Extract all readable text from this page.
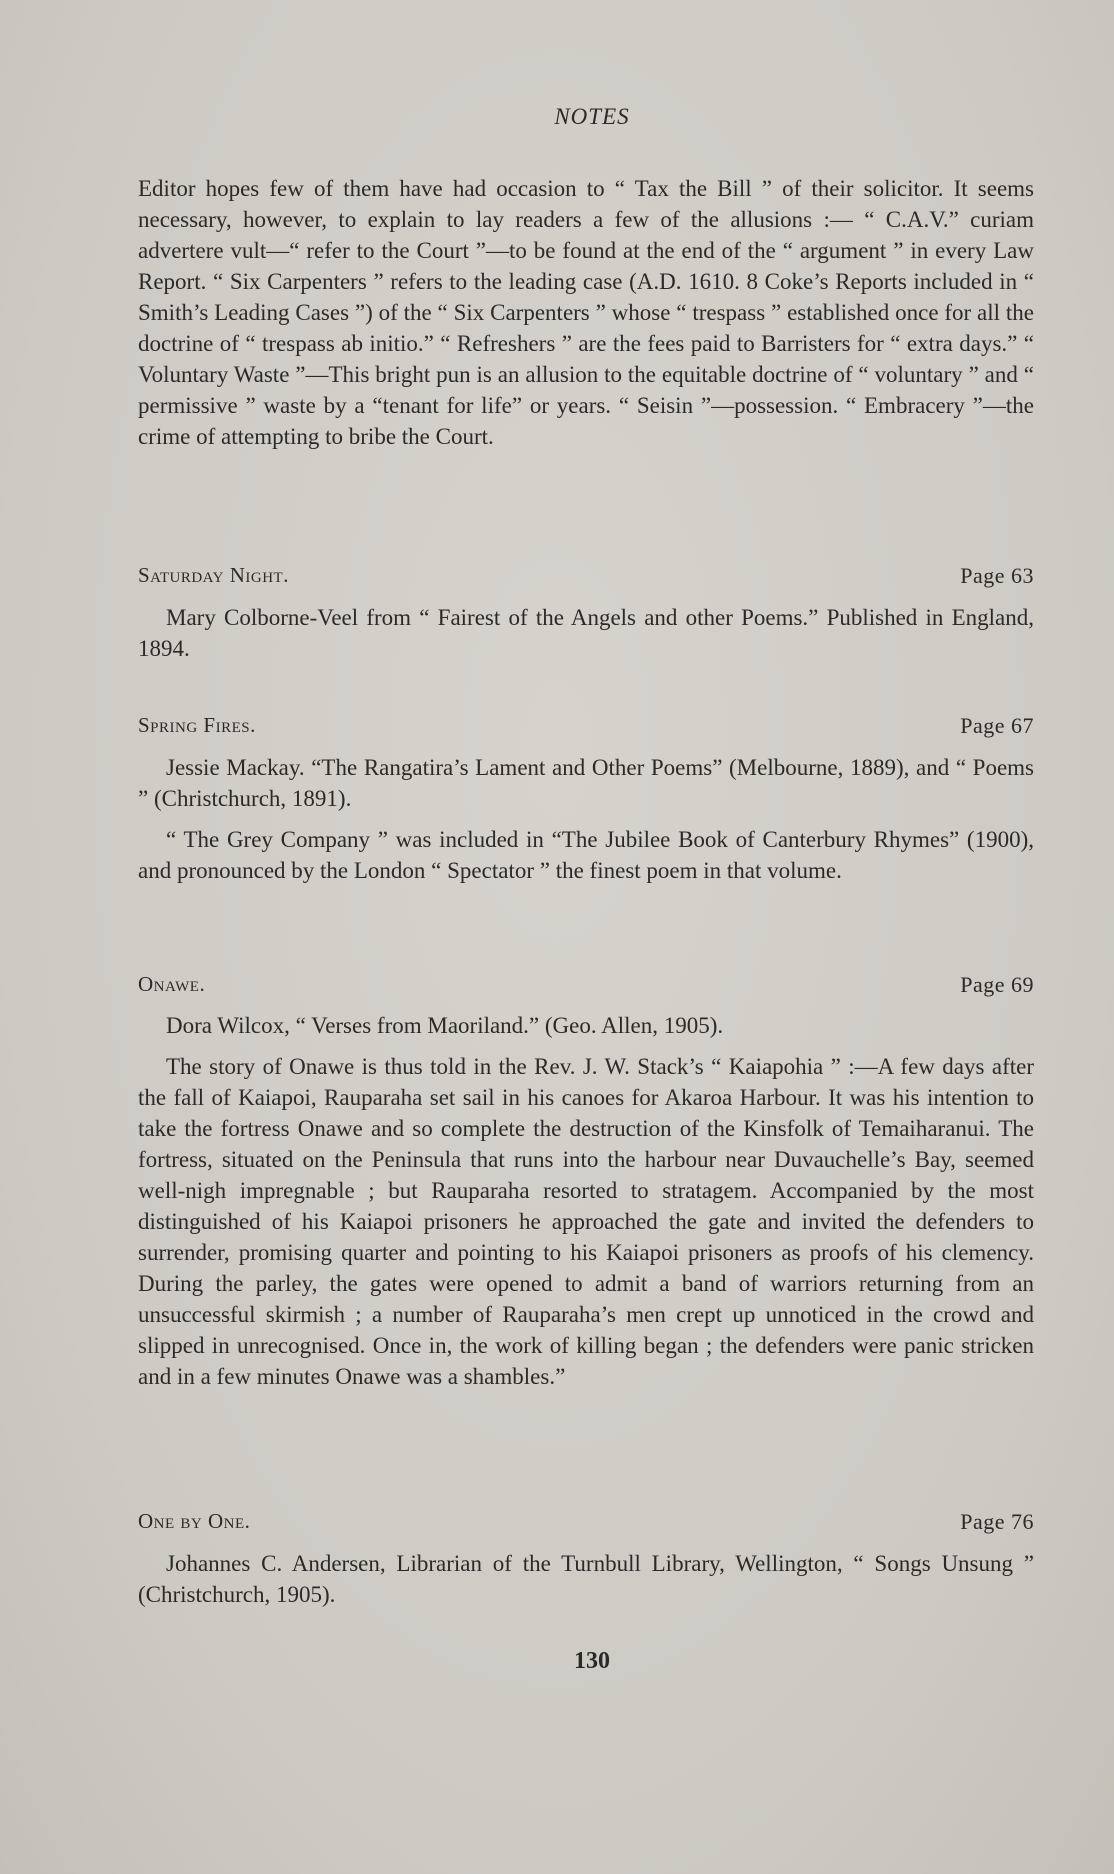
NOTES

Editor hopes few of them have had occasion to “ Tax the Bill ” of their solicitor. It seems necessary, however, to explain to lay readers a few of the allusions :— “ C.A.V.” curiam advertere vult—“ refer to the Court ”—to be found at the end of the “ argument ” in every Law Report. “ Six Carpenters ” refers to the leading case (A.D. 1610. 8 Coke’s Reports included in “ Smith’s Leading Cases ”) of the “ Six Carpenters ” whose “ trespass ” established once for all the doctrine of “ trespass ab initio.” “ Refreshers ” are the fees paid to Barristers for “ extra days.” “ Voluntary Waste ”—This bright pun is an allusion to the equitable doctrine of “ voluntary ” and “ permissive ” waste by a “tenant for life” or years. “ Seisin ”—possession. “ Embracery ”—the crime of attempting to bribe the Court.

Saturday Night.	Page 63

Mary Colborne-Veel from “ Fairest of the Angels and other Poems.” Published in England, 1894.

Spring Fires.	Page 67

Jessie Mackay. “The Rangatira’s Lament and Other Poems” (Melbourne, 1889), and “ Poems ” (Christchurch, 1891).

“ The Grey Company ” was included in “The Jubilee Book of Canterbury Rhymes” (1900), and pronounced by the London “ Spectator ” the finest poem in that volume.

Onawe.	Page 69

Dora Wilcox, “ Verses from Maoriland.” (Geo. Allen, 1905).

The story of Onawe is thus told in the Rev. J. W. Stack’s “ Kaiapohia ” :—A few days after the fall of Kaiapoi, Rauparaha set sail in his canoes for Akaroa Harbour. It was his intention to take the fortress Onawe and so complete the destruction of the Kinsfolk of Temaiharanui. The fortress, situated on the Peninsula that runs into the harbour near Duvauchelle’s Bay, seemed well-nigh impregnable ; but Rauparaha resorted to stratagem. Accompanied by the most distinguished of his Kaiapoi prisoners he approached the gate and invited the defenders to surrender, promising quarter and pointing to his Kaiapoi prisoners as proofs of his clemency. During the parley, the gates were opened to admit a band of warriors returning from an unsuccessful skirmish ; a number of Rauparaha’s men crept up unnoticed in the crowd and slipped in unrecognised. Once in, the work of killing began ; the defenders were panic stricken and in a few minutes Onawe was a shambles.”

One by One.	Page 76

Johannes C. Andersen, Librarian of the Turnbull Library, Wellington, “ Songs Unsung ” (Christchurch, 1905).

130
